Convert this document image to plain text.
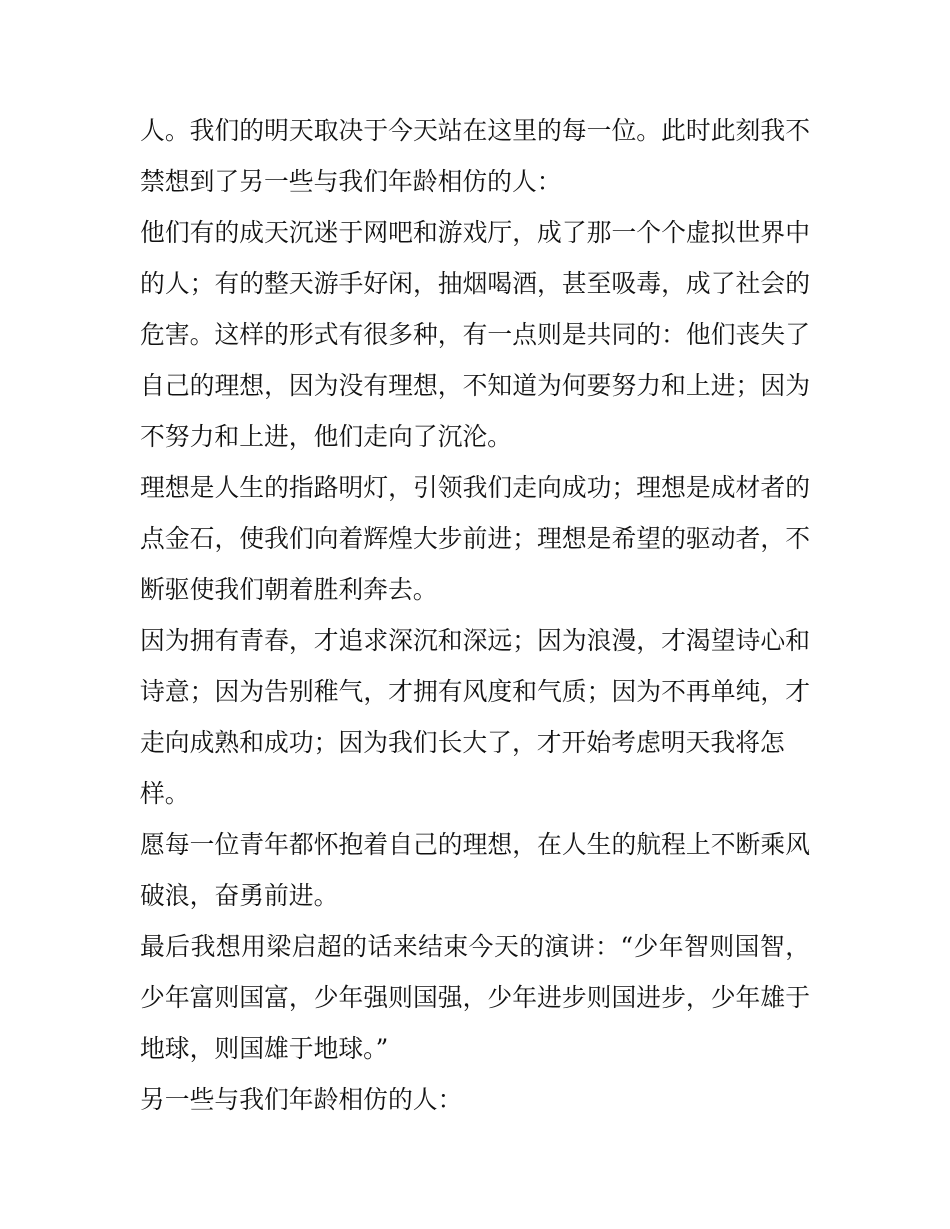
人。我们的明天取决于今天站在这里的每一位。此时此刻我不
禁想到了另一些与我们年龄相仿的人：
他们有的成天沉迷于网吧和游戏厅，成了那一个个虚拟世界中
的人；有的整天游手好闲，抽烟喝酒，甚至吸毒，成了社会的
危害。这样的形式有很多种，有一点则是共同的：他们丧失了
自己的理想，因为没有理想，不知道为何要努力和上进；因为
不努力和上进，他们走向了沉沦。
理想是人生的指路明灯，引领我们走向成功；理想是成材者的
点金石，使我们向着辉煌大步前进；理想是希望的驱动者，不
断驱使我们朝着胜利奔去。
因为拥有青春，才追求深沉和深远；因为浪漫，才渴望诗心和
诗意；因为告别稚气，才拥有风度和气质；因为不再单纯，才
走向成熟和成功；因为我们长大了，才开始考虑明天我将怎
样。
愿每一位青年都怀抱着自己的理想，在人生的航程上不断乘风
破浪，奋勇前进。
最后我想用梁启超的话来结束今天的演讲：“少年智则国智，
少年富则国富，少年强则国强，少年进步则国进步，少年雄于
地球，则国雄于地球。”
另一些与我们年龄相仿的人：
